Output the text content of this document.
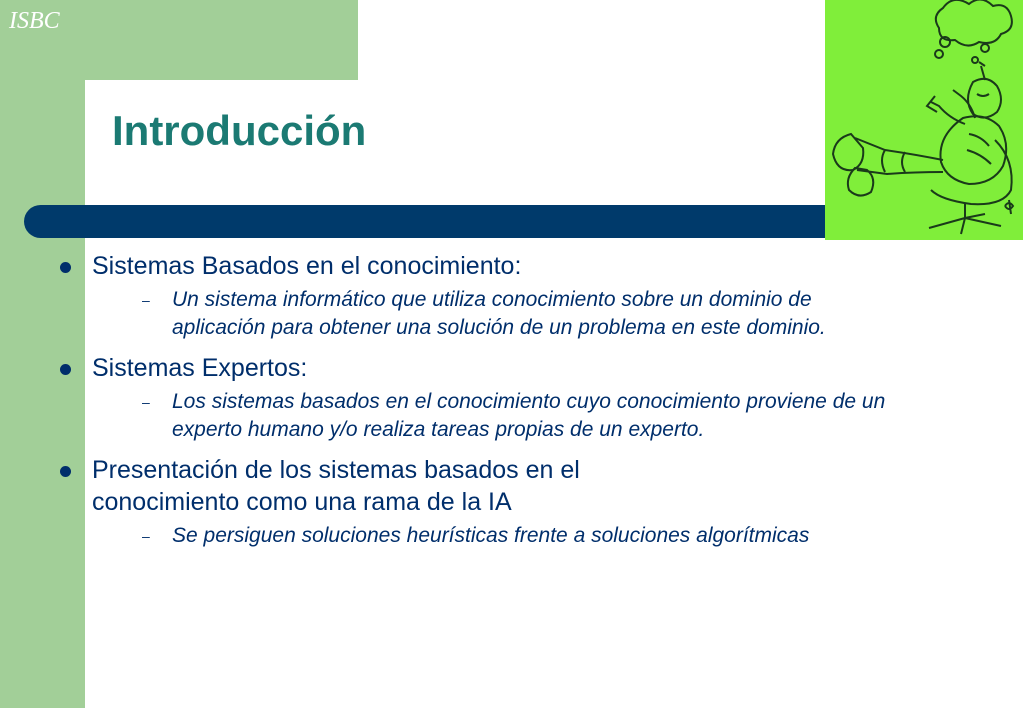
ISBC
Introducción
Sistemas Basados en el conocimiento:
– Un sistema informático que utiliza conocimiento sobre un dominio de aplicación para obtener una solución de un problema en este dominio.
Sistemas Expertos:
– Los sistemas basados en el conocimiento cuyo conocimiento proviene de un experto humano y/o realiza tareas propias de un experto.
Presentación de los sistemas basados en el conocimiento como una rama de la IA
– Se persiguen soluciones heurísticas frente a soluciones algorítmicas
